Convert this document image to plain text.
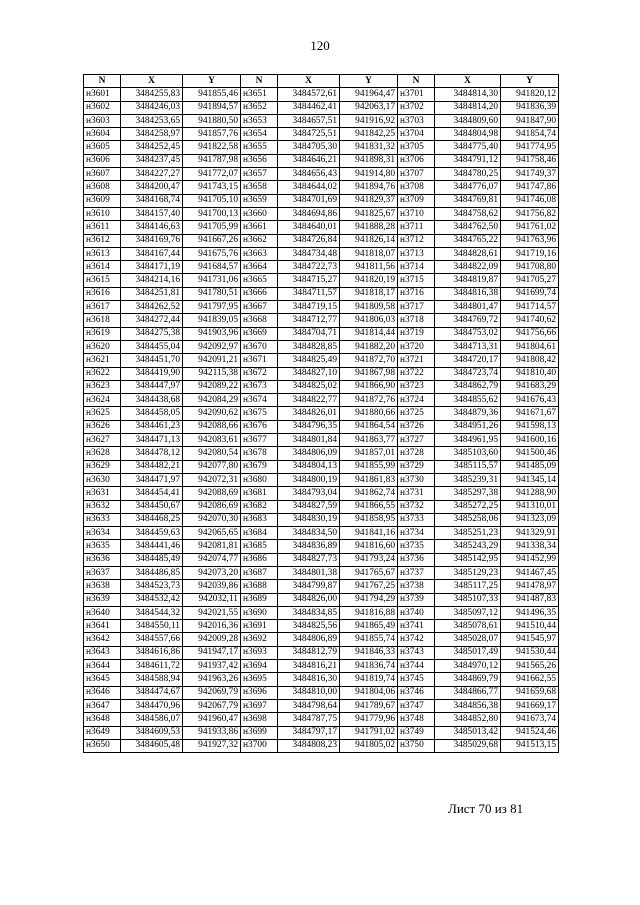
120
N	X	Y	N	X	Y	N	X	Y
н3601	3484255,83	941855,46	н3651	3484572,61	941964,47	н3701	3484814,30	941820,12
н3602	3484246,03	941894,57	н3652	3484462,41	942063,17	н3702	3484814,20	941836,39
н3603	3484253,65	941880,50	н3653	3484657,51	941916,92	н3703	3484809,60	941847,90
н3604	3484258,97	941857,76	н3654	3484725,51	941842,25	н3704	3484804,98	941854,74
н3605	3484252,45	941822,58	н3655	3484705,30	941831,32	н3705	3484775,40	941774,95
н3606	3484237,45	941787,98	н3656	3484646,21	941898,31	н3706	3484791,12	941758,46
н3607	3484227,27	941772,07	н3657	3484656,43	941914,80	н3707	3484780,25	941749,37
н3608	3484200,47	941743,15	н3658	3484644,02	941894,76	н3708	3484776,07	941747,86
н3609	3484168,74	941705,10	н3659	3484701,69	941829,37	н3709	3484769,81	941746,08
н3610	3484157,40	941700,13	н3660	3484694,86	941825,67	н3710	3484758,62	941756,82
н3611	3484146,63	941705,99	н3661	3484640,01	941888,28	н3711	3484762,50	941761,02
н3612	3484169,76	941667,26	н3662	3484726,84	941826,14	н3712	3484765,22	941763,96
н3613	3484167,44	941675,76	н3663	3484734,48	941818,07	н3713	3484828,61	941719,16
н3614	3484171,19	941684,57	н3664	3484722,73	941811,56	н3714	3484822,09	941708,80
н3615	3484214,16	941731,06	н3665	3484715,27	941820,19	н3715	3484819,87	941705,27
н3616	3484251,81	941780,51	н3666	3484711,57	941818,17	н3716	3484816,38	941699,74
н3617	3484262,52	941797,95	н3667	3484719,15	941809,58	н3717	3484801,47	941714,57
н3618	3484272,44	941839,05	н3668	3484712,77	941806,03	н3718	3484769,72	941740,62
н3619	3484275,38	941903,96	н3669	3484704,71	941814,44	н3719	3484753,02	941756,66
н3620	3484455,04	942092,97	н3670	3484828,85	941882,20	н3720	3484713,31	941804,61
н3621	3484451,70	942091,21	н3671	3484825,49	941872,70	н3721	3484720,17	941808,42
н3622	3484419,90	942115,38	н3672	3484827,10	941867,98	н3722	3484723,74	941810,40
н3623	3484447,97	942089,22	н3673	3484825,02	941866,90	н3723	3484862,79	941683,29
н3624	3484438,68	942084,29	н3674	3484822,77	941872,76	н3724	3484855,62	941676,43
н3625	3484458,05	942090,62	н3675	3484826,01	941880,66	н3725	3484879,36	941671,67
н3626	3484461,23	942088,66	н3676	3484796,35	941864,54	н3726	3484951,26	941598,13
н3627	3484471,13	942083,61	н3677	3484801,84	941863,77	н3727	3484961,95	941600,16
н3628	3484478,12	942080,54	н3678	3484806,09	941857,01	н3728	3485103,60	941500,46
н3629	3484482,21	942077,80	н3679	3484804,13	941855,99	н3729	3485115,57	941485,09
н3630	3484471,97	942072,31	н3680	3484800,19	941861,83	н3730	3485239,31	941345,14
н3631	3484454,41	942088,69	н3681	3484793,04	941862,74	н3731	3485297,38	941288,90
н3632	3484450,67	942086,69	н3682	3484827,59	941866,55	н3732	3485272,25	941310,01
н3633	3484468,25	942070,30	н3683	3484830,19	941858,95	н3733	3485258,06	941323,09
н3634	3484459,63	942065,65	н3684	3484834,50	941841,16	н3734	3485251,23	941329,91
н3635	3484441,46	942081,81	н3685	3484836,89	941816,60	н3735	3485243,29	941338,34
н3636	3484485,49	942074,77	н3686	3484827,73	941793,24	н3736	3485142,95	941452,99
н3637	3484486,85	942073,20	н3687	3484801,38	941765,67	н3737	3485129,23	941467,45
н3638	3484523,73	942039,86	н3688	3484799,87	941767,25	н3738	3485117,25	941478,97
н3639	3484532,42	942032,11	н3689	3484826,00	941794,29	н3739	3485107,33	941487,83
н3640	3484544,32	942021,55	н3690	3484834,85	941816,88	н3740	3485097,12	941496,35
н3641	3484550,11	942016,36	н3691	3484825,56	941865,49	н3741	3485078,61	941510,44
н3642	3484557,66	942009,28	н3692	3484806,89	941855,74	н3742	3485028,07	941545,97
н3643	3484616,86	941947,17	н3693	3484812,79	941846,33	н3743	3485017,49	941530,44
н3644	3484611,72	941937,42	н3694	3484816,21	941836,74	н3744	3484970,12	941565,26
н3645	3484588,94	941963,26	н3695	3484816,30	941819,74	н3745	3484869,79	941662,55
н3646	3484474,67	942069,79	н3696	3484810,00	941804,06	н3746	3484866,77	941659,68
н3647	3484470,96	942067,79	н3697	3484798,64	941789,67	н3747	3484856,38	941669,17
н3648	3484586,07	941960,47	н3698	3484787,75	941779,96	н3748	3484852,80	941673,74
н3649	3484609,53	941933,86	н3699	3484797,17	941791,02	н3749	3485013,42	941524,46
н3650	3484605,48	941927,32	н3700	3484808,23	941805,02	н3750	3485029,68	941513,15
Лист 70 из 81
